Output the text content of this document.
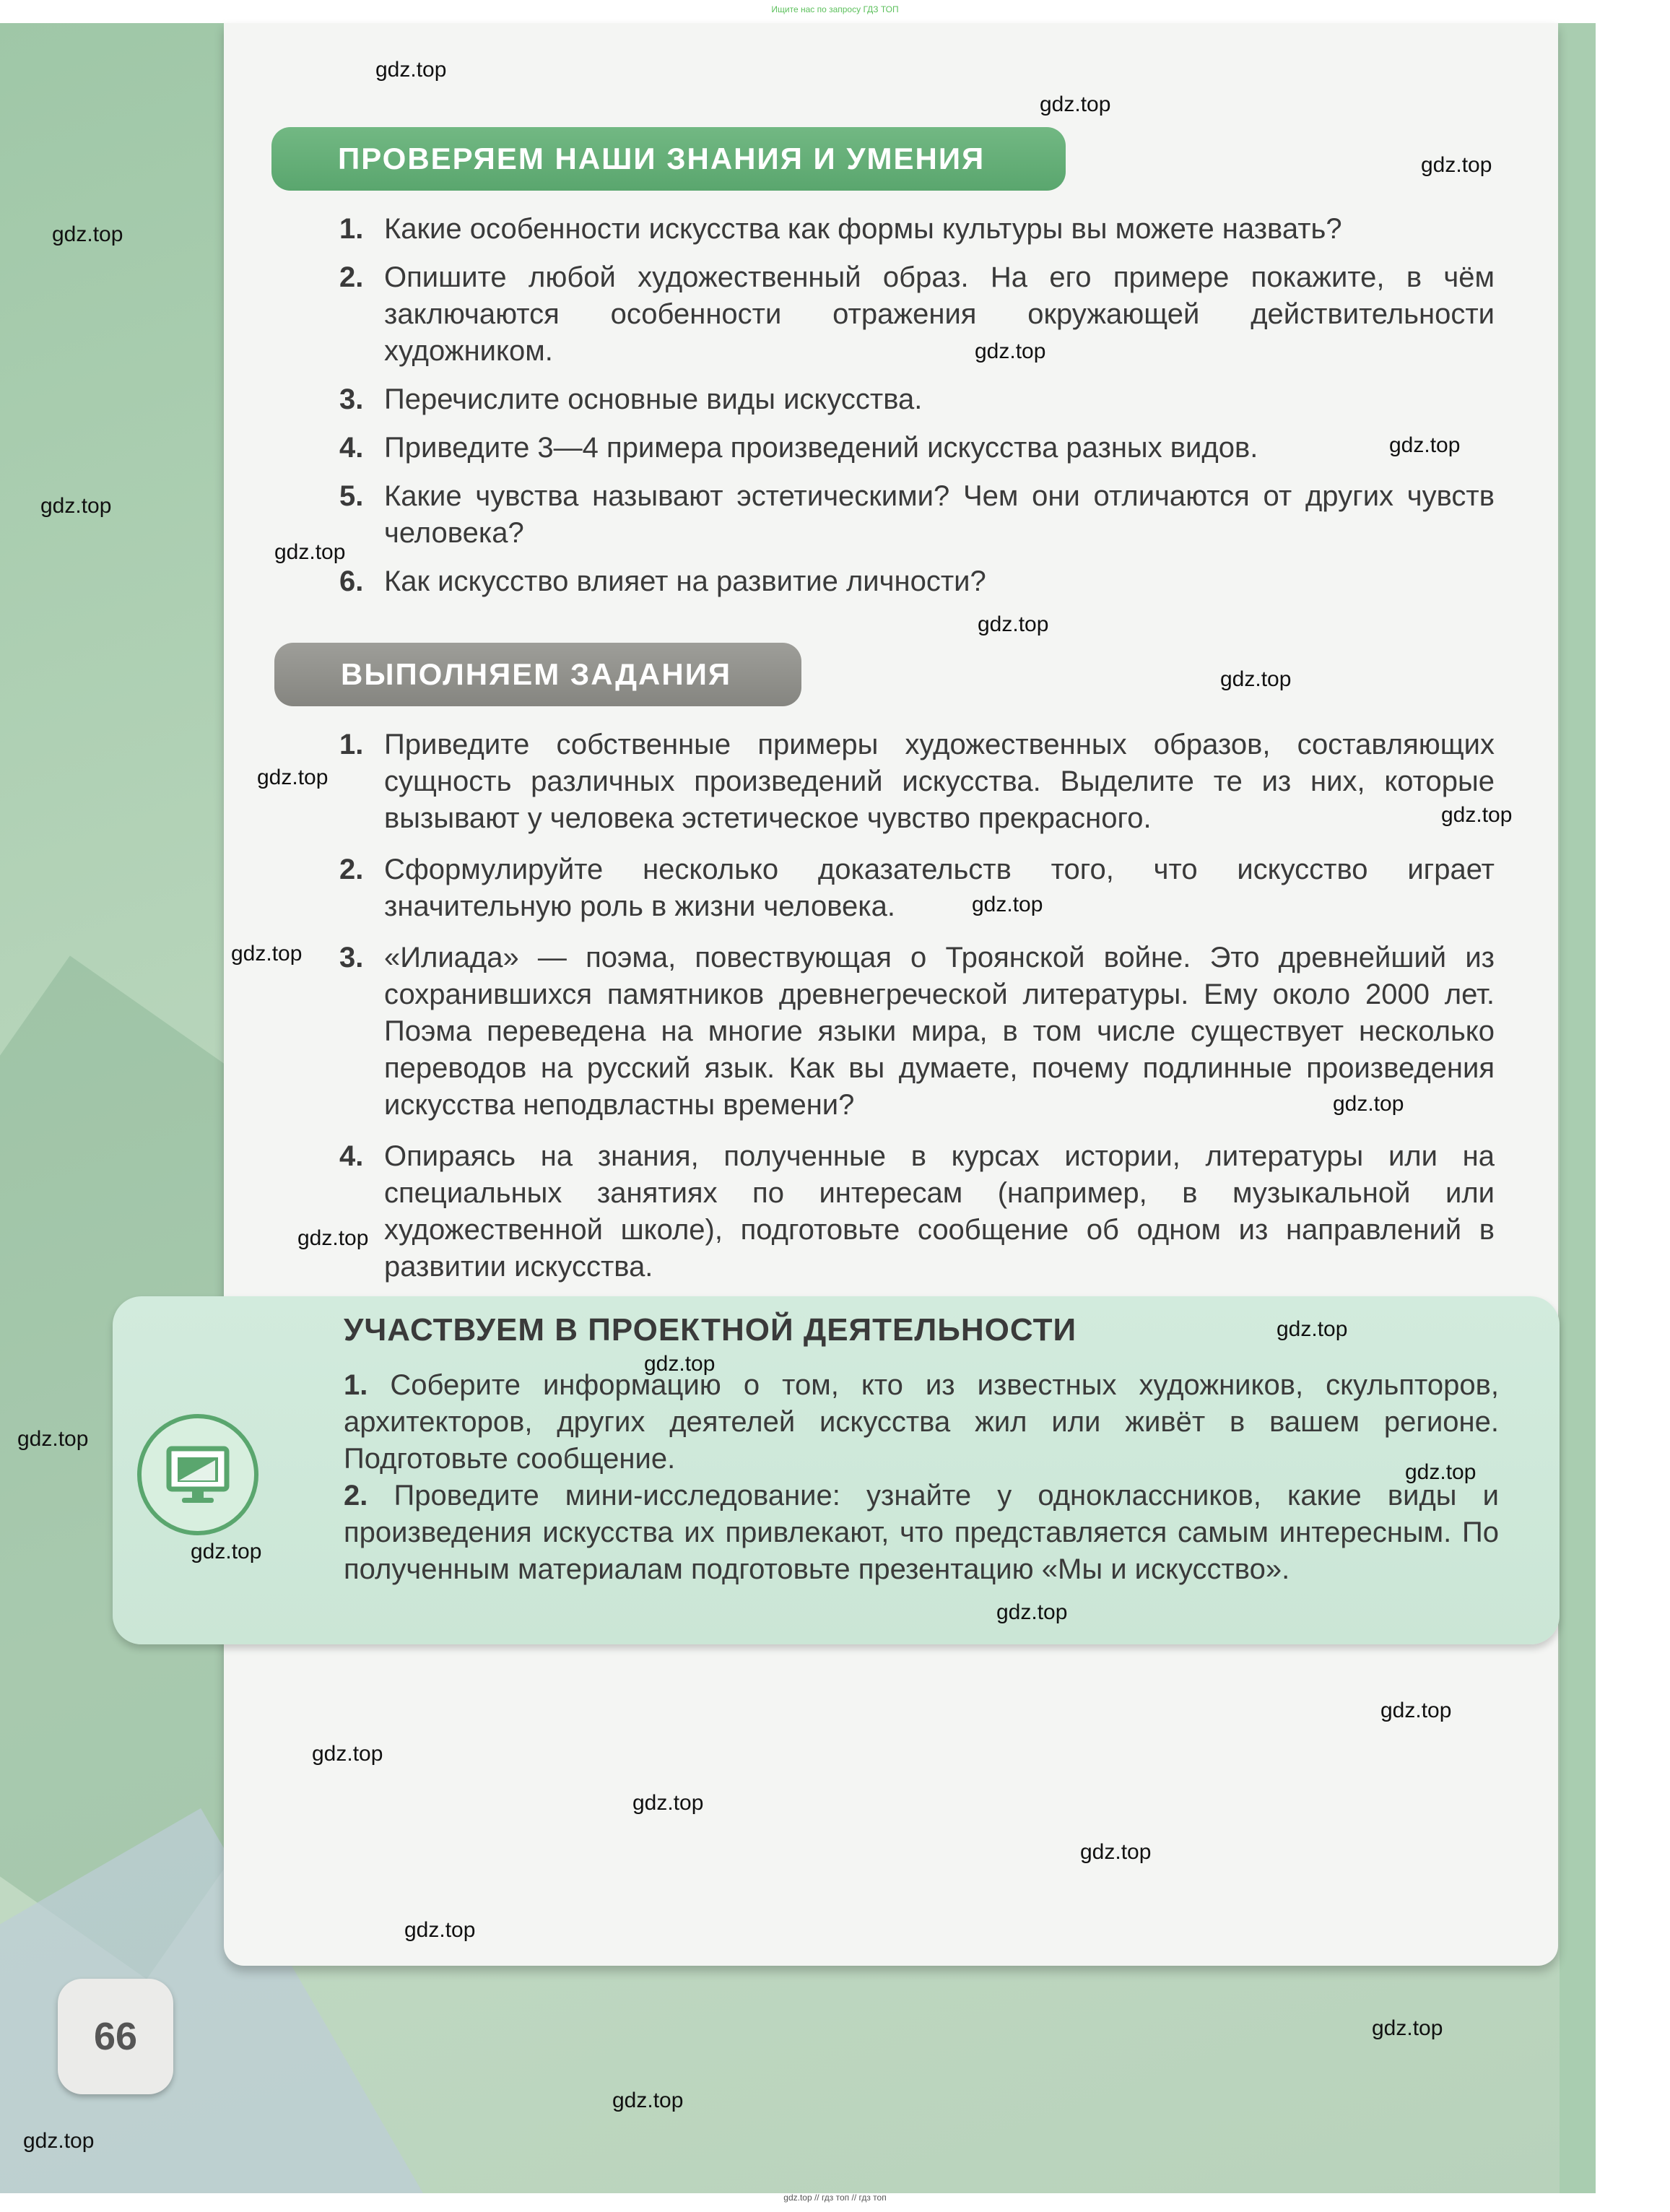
Ищите нас по запросу ГДЗ ТОП
ПРОВЕРЯЕМ НАШИ ЗНАНИЯ И УМЕНИЯ
1. Какие особенности искусства как формы культуры вы можете назвать?
2. Опишите любой художественный образ. На его примере покажите, в чём заключаются особенности отражения окружающей действительности художником.
3. Перечислите основные виды искусства.
4. Приведите 3—4 примера произведений искусства разных видов.
5. Какие чувства называют эстетическими? Чем они отличаются от других чувств человека?
6. Как искусство влияет на развитие личности?
ВЫПОЛНЯЕМ ЗАДАНИЯ
1. Приведите собственные примеры художественных образов, составляющих сущность различных произведений искусства. Выделите те из них, которые вызывают у человека эстетическое чувство прекрасного.
2. Сформулируйте несколько доказательств того, что искусство играет значительную роль в жизни человека.
3. «Илиада» — поэма, повествующая о Троянской войне. Это древнейший из сохранившихся памятников древнегреческой литературы. Ему около 2000 лет. Поэма переведена на многие языки мира, в том числе существует несколько переводов на русский язык. Как вы думаете, почему подлинные произведения искусства неподвластны времени?
4. Опираясь на знания, полученные в курсах истории, литературы или на специальных занятиях по интересам (например, в музыкальной или художественной школе), подготовьте сообщение об одном из направлений в развитии искусства.
УЧАСТВУЕМ В ПРОЕКТНОЙ ДЕЯТЕЛЬНОСТИ

1. Соберите информацию о том, кто из известных художников, скульпторов, архитекторов, других деятелей искусства жил или живёт в вашем регионе. Подготовьте сообщение.

2. Проведите мини-исследование: узнайте у одноклассников, какие виды и произведения искусства их привлекают, что представляется самым интересным. По полученным материалам подготовьте презентацию «Мы и искусство».

66
gdz.top
gdz.top
gdz.top
gdz.top
gdz.top
gdz.top
gdz.top
gdz.top
gdz.top
gdz.top
gdz.top
gdz.top
gdz.top
gdz.top
gdz.top
gdz.top
gdz.top
gdz.top
gdz.top
gdz.top
gdz.top
gdz.top
gdz.top
gdz.top
gdz.top
gdz.top
gdz.top
gdz.top
gdz.top
gdz.top
gdz.top // гдз топ // гдз топ
